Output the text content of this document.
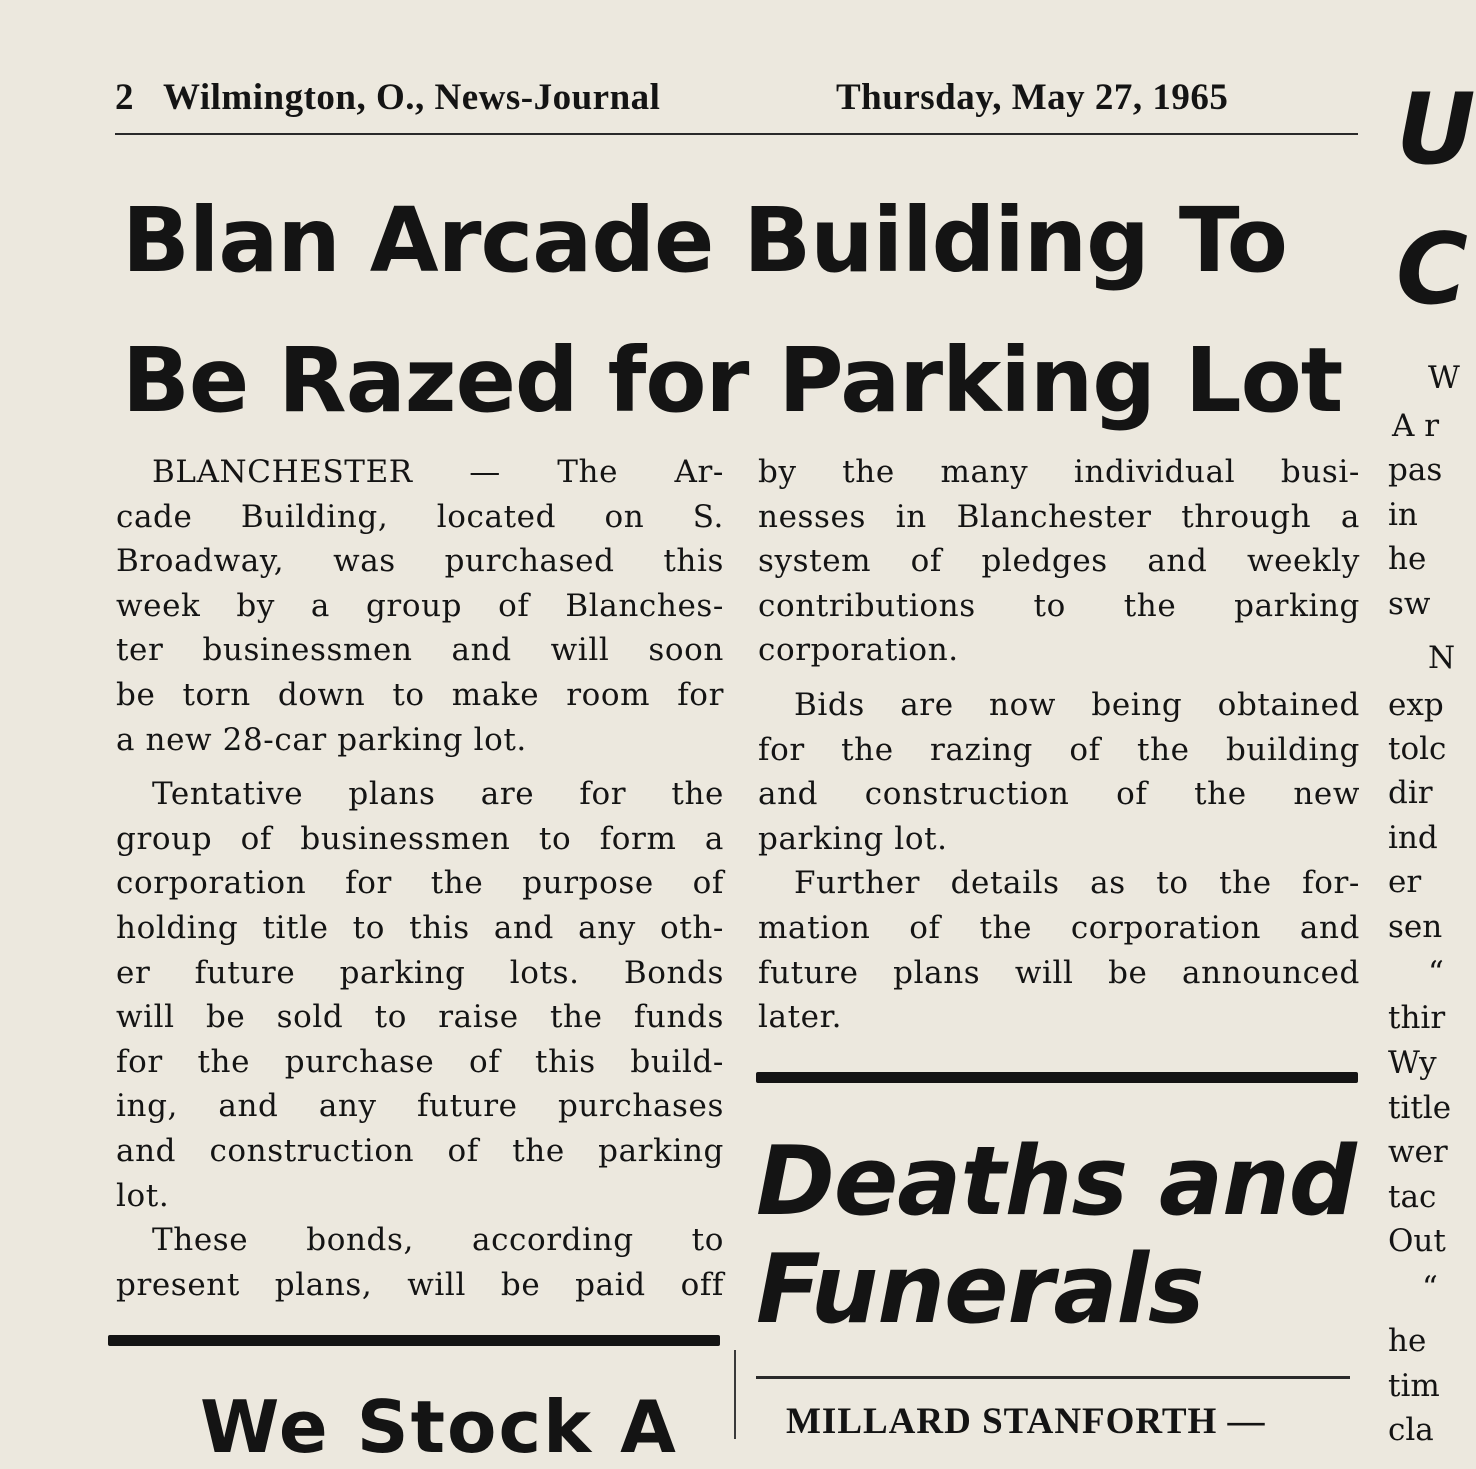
2 Wilmington, O., News-Journal	Thursday, May 27, 1965
Blan Arcade Building To
Be Razed for Parking Lot

BLANCHESTER — The Ar-

cade Building, located on S.

Broadway, was purchased this

week by a group of Blanches-

ter businessmen and will soon

be torn down to make room for

a new 28-car parking lot.

Tentative plans are for the

group of businessmen to form a

corporation for the purpose of

holding title to this and any oth-

er future parking lots. Bonds

will be sold to raise the funds

for the purchase of this build-

ing, and any future purchases

and construction of the parking

lot.

These bonds, according to

present plans, will be paid off

by the many individual busi-

nesses in Blanchester through a

system of pledges and weekly

contributions to the parking

corporation.

Bids are now being obtained

for the razing of the building

and construction of the new

parking lot.

Further details as to the for-

mation of the corporation and

future plans will be announced

later.

Deaths and
Funerals
MILLARD STANFORTH —
We Stock A
U
C
W
A r
pas
in
he
sw
N
exp
tolc
dir
ind
er
sen
“
thir
Wy
title
wer
tac
Out
“
he
tim
cla
